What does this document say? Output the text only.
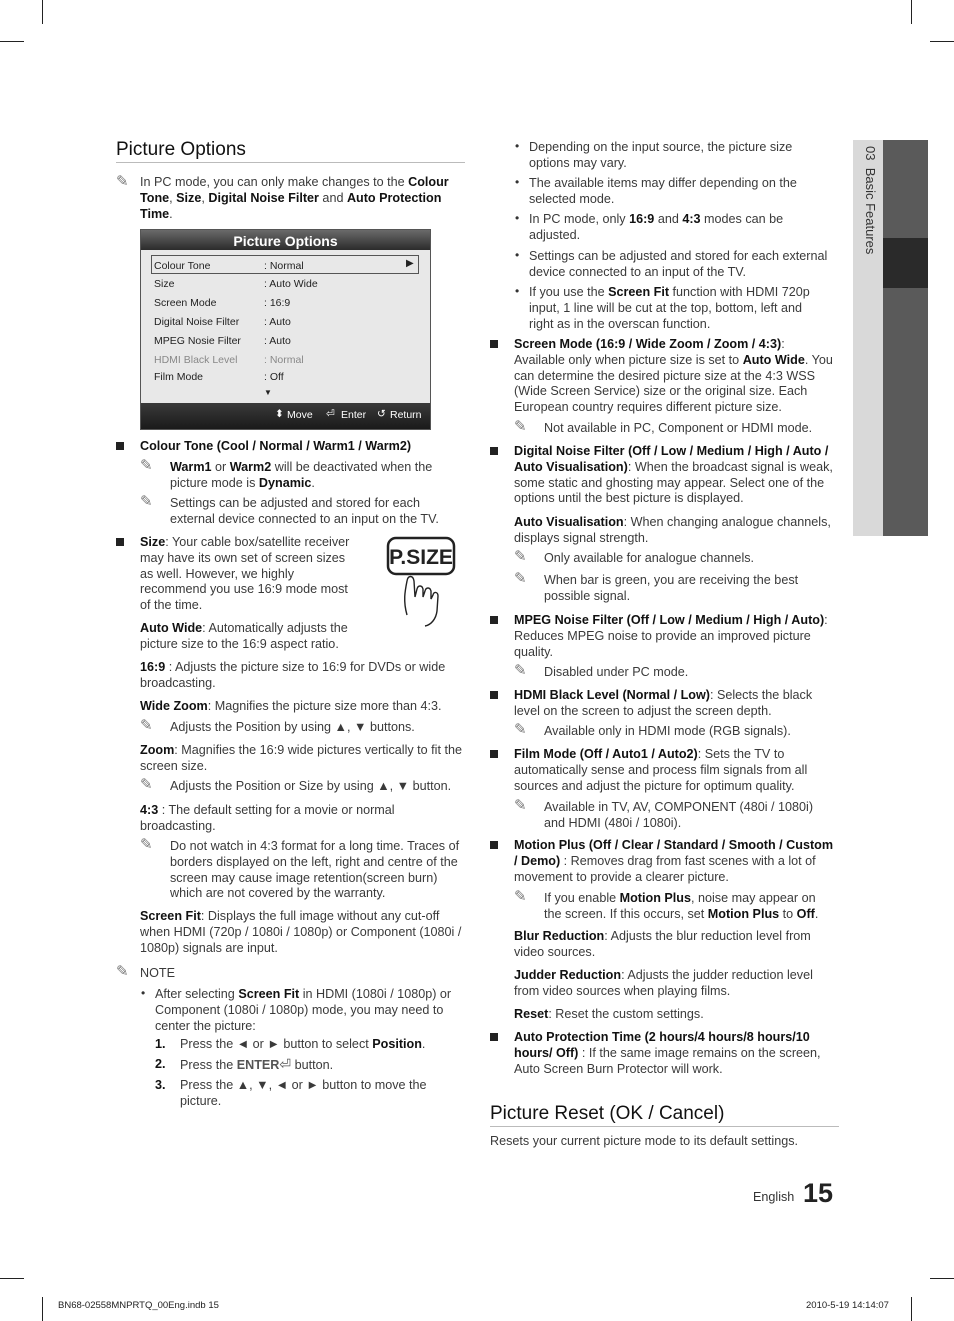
03  Basic Features
Picture Options
✎ In PC mode, you can only make changes to the Colour Tone, Size, Digital Noise Filter and Auto Protection Time.
Picture Options
▶
Colour Tone	: Normal
Size	: Auto Wide
Screen Mode	: 16:9
Digital Noise Filter : Auto
MPEG Nosie Filter : Auto
HDMI Black Level	: Normal
Film Mode	: Off
▼
⬍ Move ⏎ Enter ↺ Return
Colour Tone (Cool / Normal / Warm1 / Warm2)
✎ Warm1 or Warm2 will be deactivated when the picture mode is Dynamic.
✎ Settings can be adjusted and stored for each external device connected to an input on the TV.
Size: Your cable box/satellite receiver may have its own set of screen sizes as well. However, we highly recommend you use 16:9 mode most of the time.
P.SIZE
Auto Wide: Automatically adjusts the picture size to the 16:9 aspect ratio.
16:9 : Adjusts the picture size to 16:9 for DVDs or wide broadcasting.
Wide Zoom: Magnifies the picture size more than 4:3.
✎ Adjusts the Position by using ▲, ▼ buttons.
Zoom: Magnifies the 16:9 wide pictures vertically to fit the screen size.
✎ Adjusts the Position or Size by using ▲, ▼ button.
4:3 : The default setting for a movie or normal broadcasting.
✎ Do not watch in 4:3 format for a long time. Traces of borders displayed on the left, right and centre of the screen may cause image retention(screen burn) which are not covered by the warranty.
Screen Fit: Displays the full image without any cut-off when HDMI (720p / 1080i / 1080p) or Component (1080i / 1080p) signals are input.
✎ NOTE
• After selecting Screen Fit in HDMI (1080i / 1080p) or Component (1080i / 1080p) mode, you may need to center the picture:
1. Press the ◄ or ► button to select Position.
2. Press the ENTER⏎ button.
3. Press the ▲, ▼, ◄ or ► button to move the picture.
• Depending on the input source, the picture size options may vary.
• The available items may differ depending on the selected mode.
• In PC mode, only 16:9 and 4:3 modes can be adjusted.
• Settings can be adjusted and stored for each external device connected to an input of the TV.
• If you use the Screen Fit function with HDMI 720p input, 1 line will be cut at the top, bottom, left and right as in the overscan function.
Screen Mode (16:9 / Wide Zoom / Zoom / 4:3): Available only when picture size is set to Auto Wide. You can determine the desired picture size at the 4:3 WSS (Wide Screen Service) size or the original size. Each European country requires different picture size.
✎ Not available in PC, Component or HDMI mode.
Digital Noise Filter (Off / Low / Medium / High / Auto / Auto Visualisation): When the broadcast signal is weak, some static and ghosting may appear. Select one of the options until the best picture is displayed.
Auto Visualisation: When changing analogue channels, displays signal strength.
✎ Only available for analogue channels.
✎ When bar is green, you are receiving the best possible signal.
MPEG Noise Filter (Off / Low / Medium / High / Auto): Reduces MPEG noise to provide an improved picture quality.
✎ Disabled under PC mode.
HDMI Black Level (Normal / Low): Selects the black level on the screen to adjust the screen depth.
✎ Available only in HDMI mode (RGB signals).
Film Mode (Off / Auto1 / Auto2): Sets the TV to automatically sense and process film signals from all sources and adjust the picture for optimum quality.
✎ Available in TV, AV, COMPONENT (480i / 1080i) and HDMI (480i / 1080i).
Motion Plus (Off / Clear / Standard / Smooth / Custom / Demo) : Removes drag from fast scenes with a lot of movement to provide a clearer picture.
✎ If you enable Motion Plus, noise may appear on the screen. If this occurs, set Motion Plus to Off.
Blur Reduction: Adjusts the blur reduction level from video sources.
Judder Reduction: Adjusts the judder reduction level from video sources when playing films.
Reset: Reset the custom settings.
Auto Protection Time (2 hours/4 hours/8 hours/10 hours/ Off) : If the same image remains on the screen, Auto Screen Burn Protector will work.
Picture Reset (OK / Cancel)
Resets your current picture mode to its default settings.
English 15
BN68-02558MNPRTQ_00Eng.indb 15	2010-5-19 14:14:07
